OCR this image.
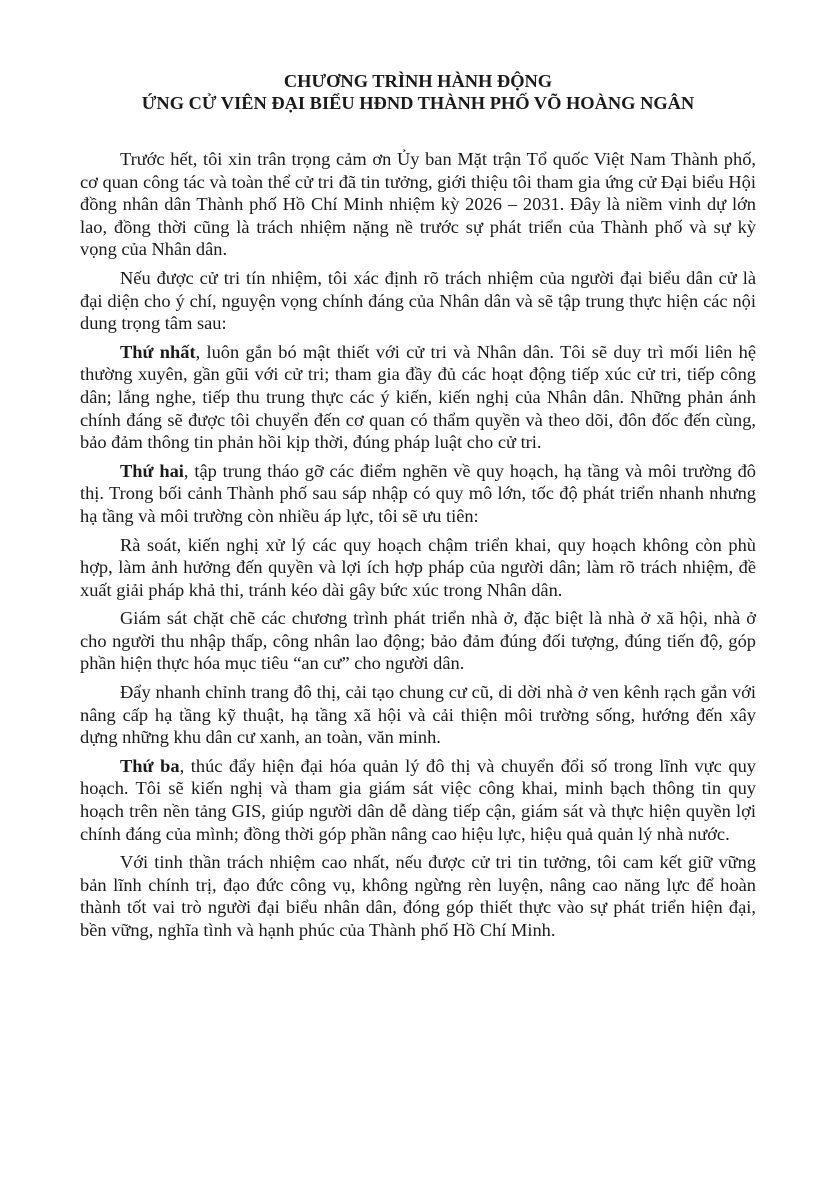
CHƯƠNG TRÌNH HÀNH ĐỘNG

ỨNG CỬ VIÊN ĐẠI BIỂU HĐND THÀNH PHỐ VÕ HOÀNG NGÂN

Trước hết, tôi xin trân trọng cảm ơn Ủy ban Mặt trận Tổ quốc Việt Nam Thành phố, cơ quan công tác và toàn thể cử tri đã tin tưởng, giới thiệu tôi tham gia ứng cử Đại biểu Hội đồng nhân dân Thành phố Hồ Chí Minh nhiệm kỳ 2026 – 2031. Đây là niềm vinh dự lớn lao, đồng thời cũng là trách nhiệm nặng nề trước sự phát triển của Thành phố và sự kỳ vọng của Nhân dân.

Nếu được cử tri tín nhiệm, tôi xác định rõ trách nhiệm của người đại biểu dân cử là đại diện cho ý chí, nguyện vọng chính đáng của Nhân dân và sẽ tập trung thực hiện các nội dung trọng tâm sau:

Thứ nhất, luôn gắn bó mật thiết với cử tri và Nhân dân. Tôi sẽ duy trì mối liên hệ thường xuyên, gần gũi với cử tri; tham gia đầy đủ các hoạt động tiếp xúc cử tri, tiếp công dân; lắng nghe, tiếp thu trung thực các ý kiến, kiến nghị của Nhân dân. Những phản ánh chính đáng sẽ được tôi chuyển đến cơ quan có thẩm quyền và theo dõi, đôn đốc đến cùng, bảo đảm thông tin phản hồi kịp thời, đúng pháp luật cho cử tri.

Thứ hai, tập trung tháo gỡ các điểm nghẽn về quy hoạch, hạ tầng và môi trường đô thị. Trong bối cảnh Thành phố sau sáp nhập có quy mô lớn, tốc độ phát triển nhanh nhưng hạ tầng và môi trường còn nhiều áp lực, tôi sẽ ưu tiên:

Rà soát, kiến nghị xử lý các quy hoạch chậm triển khai, quy hoạch không còn phù hợp, làm ảnh hưởng đến quyền và lợi ích hợp pháp của người dân; làm rõ trách nhiệm, đề xuất giải pháp khả thi, tránh kéo dài gây bức xúc trong Nhân dân.

Giám sát chặt chẽ các chương trình phát triển nhà ở, đặc biệt là nhà ở xã hội, nhà ở cho người thu nhập thấp, công nhân lao động; bảo đảm đúng đối tượng, đúng tiến độ, góp phần hiện thực hóa mục tiêu “an cư” cho người dân.

Đẩy nhanh chỉnh trang đô thị, cải tạo chung cư cũ, di dời nhà ở ven kênh rạch gắn với nâng cấp hạ tầng kỹ thuật, hạ tầng xã hội và cải thiện môi trường sống, hướng đến xây dựng những khu dân cư xanh, an toàn, văn minh.

Thứ ba, thúc đẩy hiện đại hóa quản lý đô thị và chuyển đổi số trong lĩnh vực quy hoạch. Tôi sẽ kiến nghị và tham gia giám sát việc công khai, minh bạch thông tin quy hoạch trên nền tảng GIS, giúp người dân dễ dàng tiếp cận, giám sát và thực hiện quyền lợi chính đáng của mình; đồng thời góp phần nâng cao hiệu lực, hiệu quả quản lý nhà nước.

Với tinh thần trách nhiệm cao nhất, nếu được cử tri tin tưởng, tôi cam kết giữ vững bản lĩnh chính trị, đạo đức công vụ, không ngừng rèn luyện, nâng cao năng lực để hoàn thành tốt vai trò người đại biểu nhân dân, đóng góp thiết thực vào sự phát triển hiện đại, bền vững, nghĩa tình và hạnh phúc của Thành phố Hồ Chí Minh.
